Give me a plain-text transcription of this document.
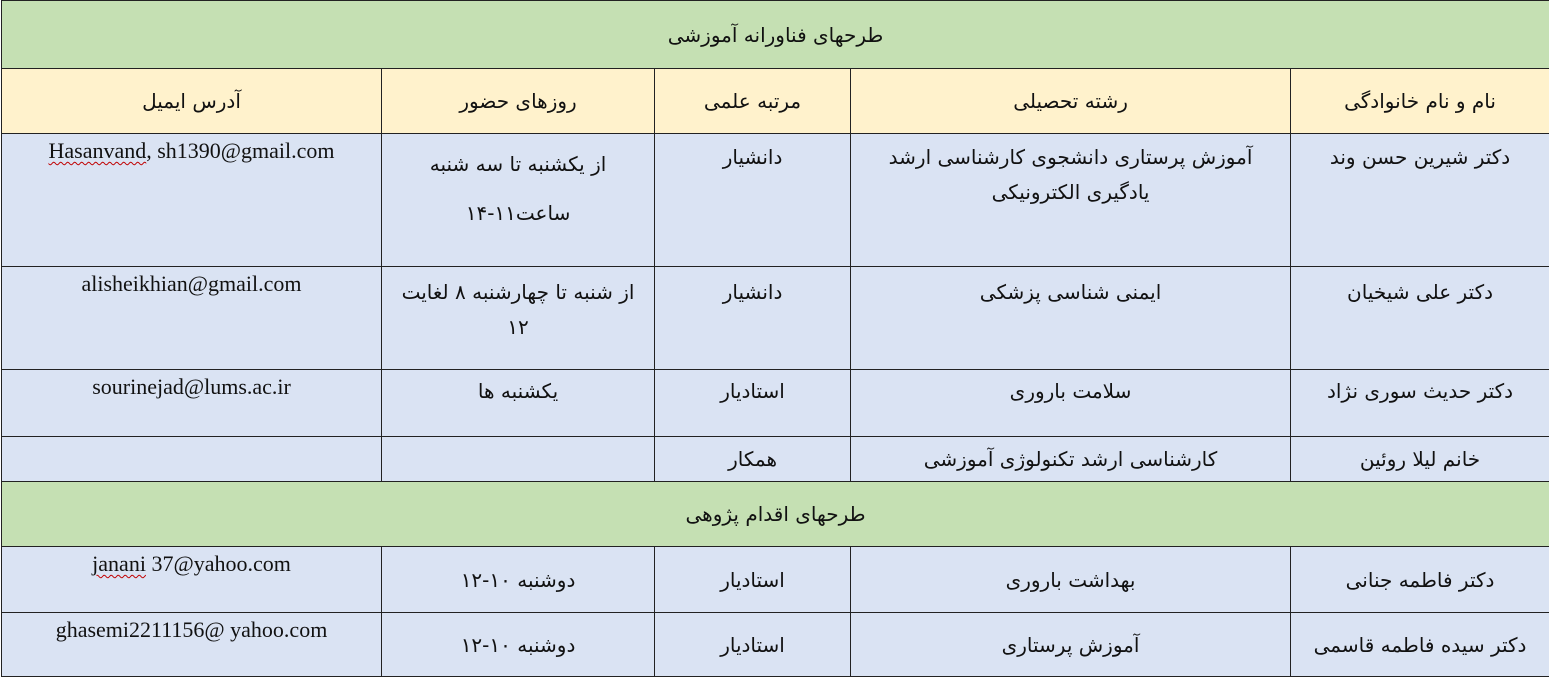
طرحهای فناورانه آموزشی				
نام و نام خانوادگی	رشته تحصیلی	مرتبه علمی	روزهای حضور	آدرس ایمیل

دکتر شیرین حسن وند	آموزش پرستاری دانشجوی کارشناسی ارشد یادگیری الکترونیکی	دانشیار	از یکشنبه تا سه شنبه ساعت۱۱-۱۴	Hasanvand, sh1390@gmail.com

دکتر علی شیخیان	ایمنی شناسی پزشکی	دانشیار	از شنبه تا چهارشنبه ۸ لغایت ۱۲	alisheikhian@gmail.com

دکتر حدیث سوری نژاد	سلامت باروری	استادیار	یکشنبه ها	sourinejad@lums.ac.ir

خانم لیلا روئین	کارشناسی ارشد تکنولوژی آموزشی	همکار		
طرحهای اقدام پژوهی				
دکتر فاطمه جنانی	بهداشت باروری	استادیار	دوشنبه ۱۰-۱۲	janani 37@yahoo.com

دکتر سیده فاطمه قاسمی	آموزش پرستاری	استادیار	دوشنبه ۱۰-۱۲	ghasemi2211156@ yahoo.com
